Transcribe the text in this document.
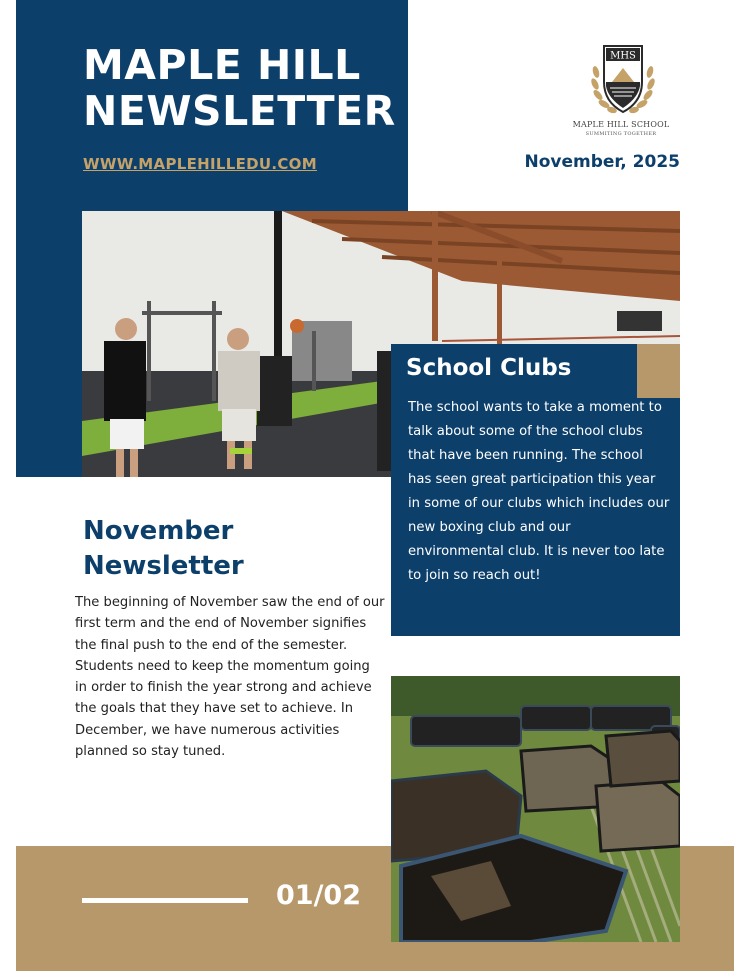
MAPLE HILL
NEWSLETTER
WWW.MAPLEHILLEDU.COM
MHS
MAPLE HILL SCHOOL
SUMMITING TOGETHER
November, 2025
School Clubs

The school wants to take a moment to talk about some of the school clubs that have been running. The school has seen great participation this year in some of our clubs which includes our new boxing club and our environmental club. It is never too late to join so reach out!

November
Newsletter

The beginning of November saw the end of our first term and the end of November signifies the final push to the end of the semester. Students need to keep the momentum going in order to finish the year strong and achieve the goals that they have set to achieve. In December, we have numerous activities planned so stay tuned.

01/02
